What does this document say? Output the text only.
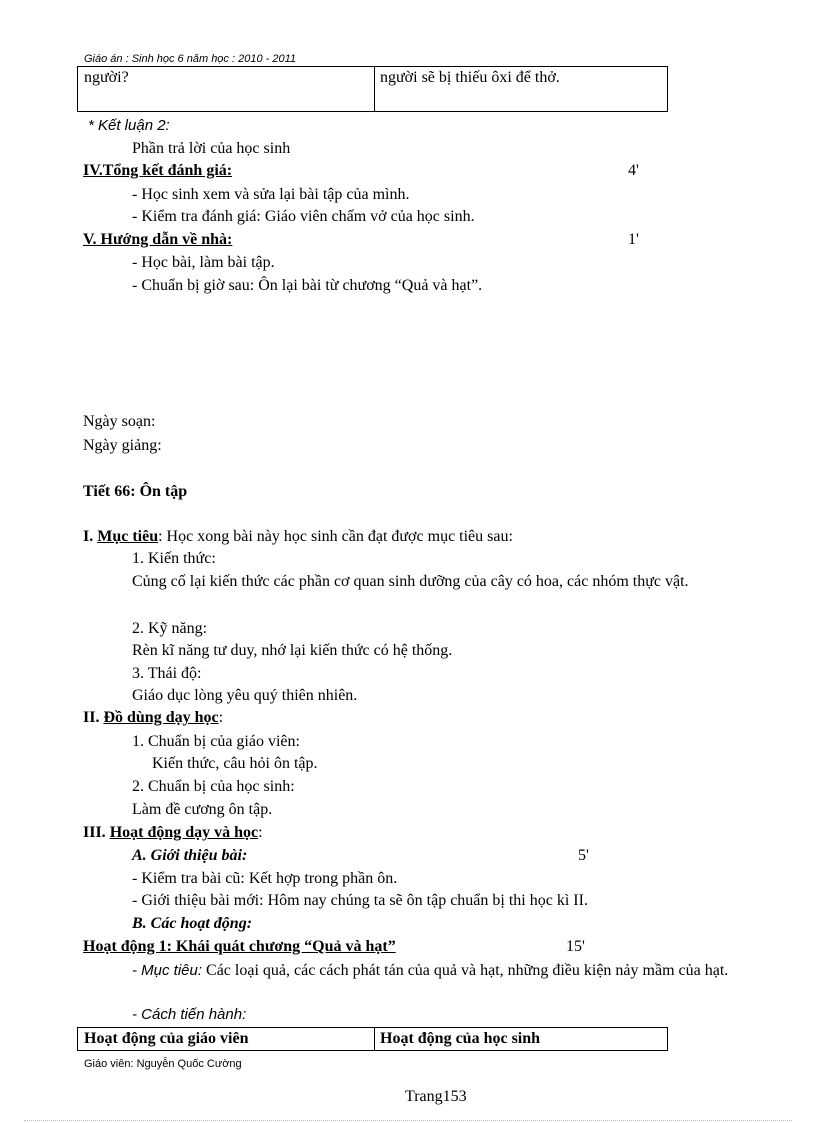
Giáo án : Sinh học 6 năm học : 2010 - 2011
người?	người sẽ bị thiếu ôxi để thở.
* Kết luận 2:
Phần trả lời của học sinh
IV.Tổng kết đánh giá:	4'
- Học sinh xem và sửa lại bài tập của mình.
- Kiểm tra đánh giá: Giáo viên chấm vở của học sinh.
V. Hướng dẫn về nhà:	1'
- Học bài, làm bài tập.
- Chuẩn bị giờ sau: Ôn lại bài từ chương “Quả và hạt”.
Ngày soạn:
Ngày giảng:
Tiết 66: Ôn tập
I. Mục tiêu: Học xong bài này học sinh cần đạt được mục tiêu sau:
1. Kiến thức:
Củng cố lại kiến thức các phần cơ quan sinh dưỡng của cây có hoa, các nhóm thực vật.
2. Kỹ năng:
Rèn kĩ năng tư duy, nhớ lại kiến thức có hệ thống.
3. Thái độ:
Giáo dục lòng yêu quý thiên nhiên.
II. Đồ dùng dạy học:
1. Chuẩn bị của giáo viên:
Kiến thức, câu hỏi ôn tập.
2. Chuẩn bị của học sinh:
Làm đề cương ôn tập.
III. Hoạt động dạy và học:
A. Giới thiệu bài:	5'
- Kiểm tra bài cũ: Kết hợp trong phần ôn.
- Giới thiệu bài mới: Hôm nay chúng ta sẽ ôn tập chuẩn bị thi học kì II.
B. Các hoạt động:
Hoạt động 1: Khái quát chương “Quả và hạt”	15'
- Mục tiêu: Các loại quả, các cách phát tán của quả và hạt, những điều kiện nảy mầm của hạt.
- Cách tiến hành:
Hoạt động của giáo viên	Hoạt động của học sinh
Giáo viên: Nguyễn Quốc Cường
Trang153
